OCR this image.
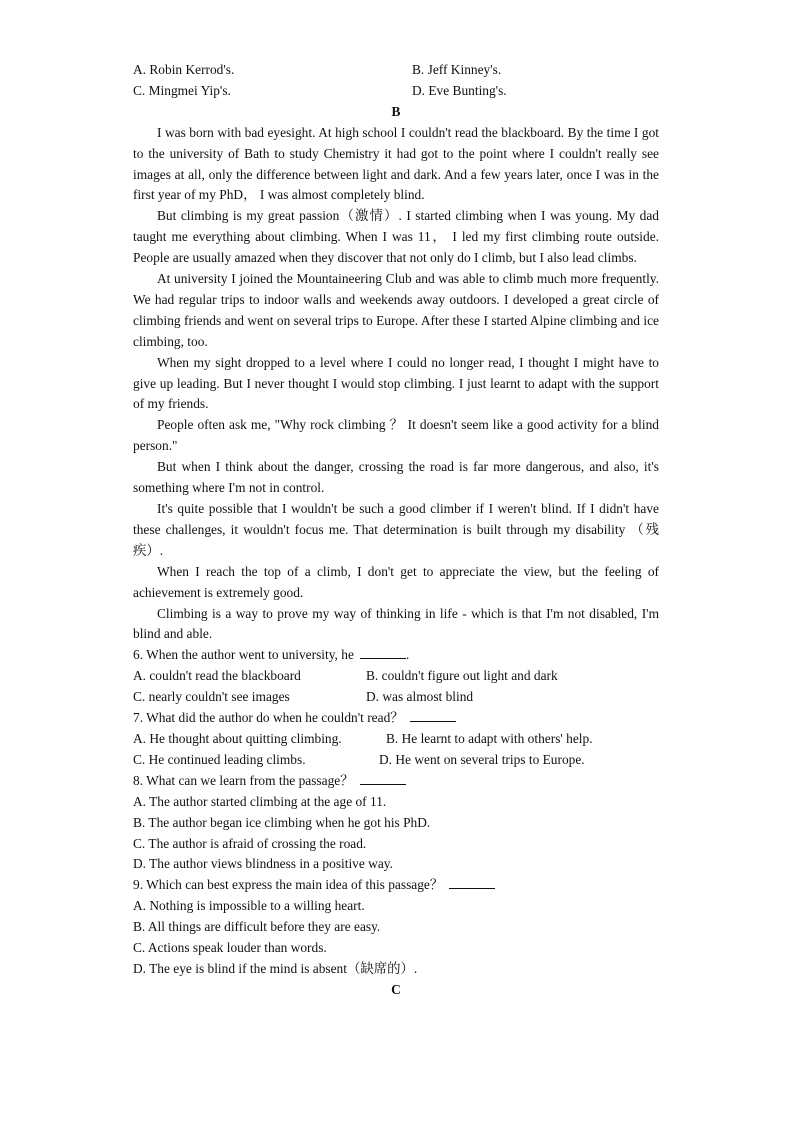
A. Robin Kerrod's.	B. Jeff Kinney's.
C. Mingmei Yip's.	D. Eve Bunting's.
B

I was born with bad eyesight. At high school I couldn't read the blackboard. By the time I got to the university of Bath to study Chemistry it had got to the point where I couldn't really see images at all, only the difference between light and dark. And a few years later, once I was in the first year of my PhD， I was almost completely blind.

But climbing is my great passion（激情）. I started climbing when I was young. My dad taught me everything about climbing. When I was 11， I led my first climbing route outside. People are usually amazed when they discover that not only do I climb, but I also lead climbs.

At university I joined the Mountaineering Club and was able to climb much more frequently. We had regular trips to indoor walls and weekends away outdoors. I developed a great circle of climbing friends and went on several trips to Europe. After these I started Alpine climbing and ice climbing, too.

When my sight dropped to a level where I could no longer read, I thought I might have to give up leading. But I never thought I would stop climbing. I just learnt to adapt with the support of my friends.

People often ask me, "Why rock climbing ？ It doesn't seem like a good activity for a blind person."

But when I think about the danger, crossing the road is far more dangerous, and also, it's something where I'm not in control.

It's quite possible that I wouldn't be such a good climber if I weren't blind. If I didn't have these challenges, it wouldn't focus me. That determination is built through my disability （残疾）.

When I reach the top of a climb, I don't get to appreciate the view, but the feeling of achievement is extremely good.

Climbing is a way to prove my way of thinking in life - which is that I'm not disabled, I'm blind and able.

6. When the author went to university, he	.
A. couldn't read the blackboard	B. couldn't figure out light and dark
C. nearly couldn't see images	D. was almost blind
7. What did the author do when he couldn't read？
A. He thought about quitting climbing.	B. He learnt to adapt with others' help.
C. He continued leading climbs.	D. He went on several trips to Europe.
8. What can we learn from the passage？
A. The author started climbing at the age of 11.
B. The author began ice climbing when he got his PhD.
C. The author is afraid of crossing the road.
D. The author views blindness in a positive way.
9. Which can best express the main idea of this passage？
A. Nothing is impossible to a willing heart.
B. All things are difficult before they are easy.
C. Actions speak louder than words.
D. The eye is blind if the mind is absent（缺席的）.
C
